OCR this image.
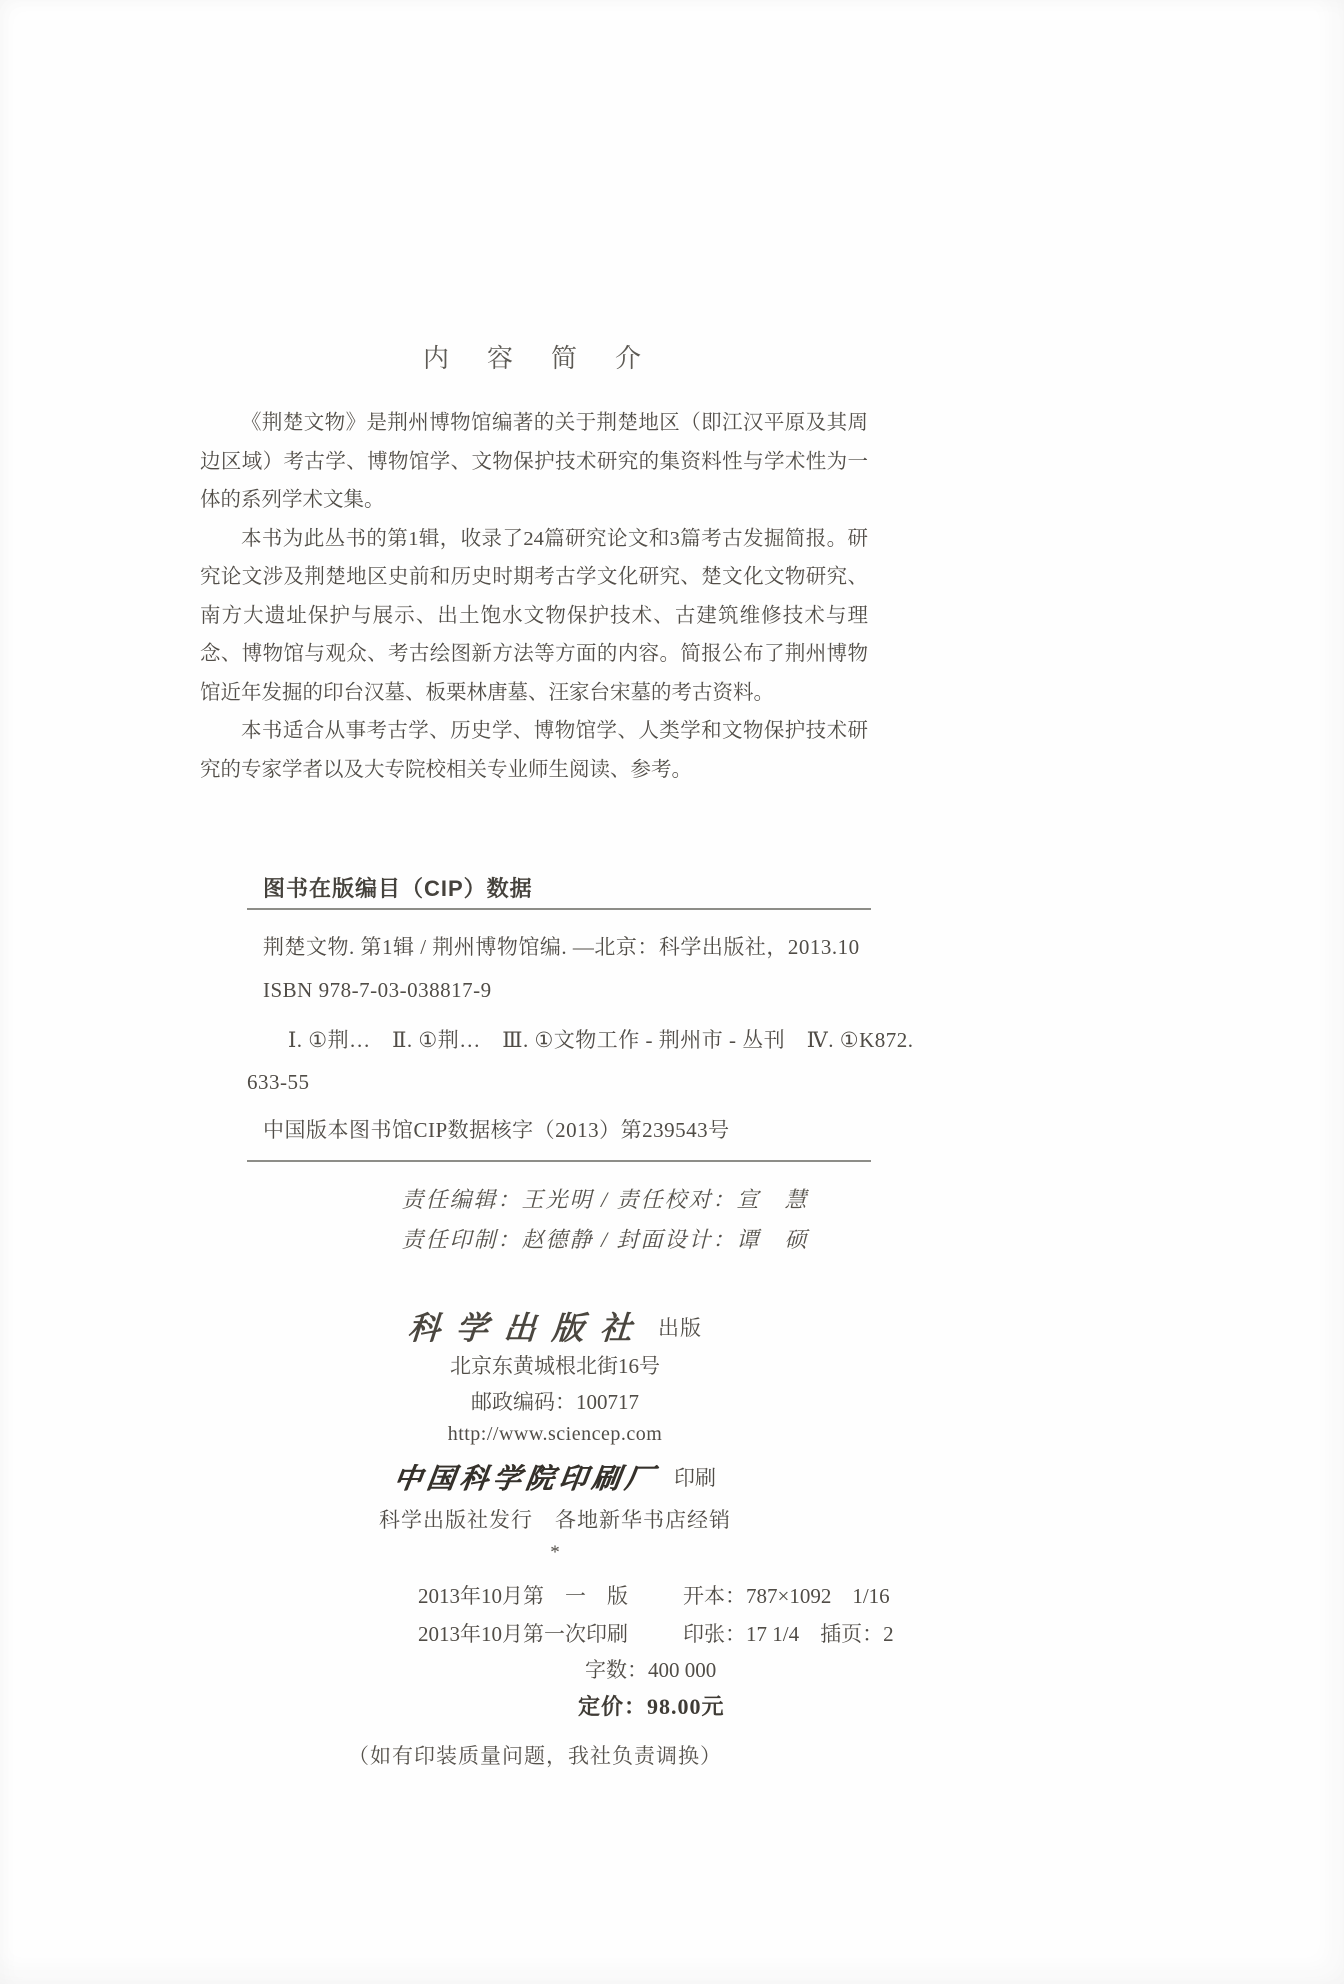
内　容　简　介

《荆楚文物》是荆州博物馆编著的关于荆楚地区（即江汉平原及其周边区域）考古学、博物馆学、文物保护技术研究的集资料性与学术性为一体的系列学术文集。

本书为此丛书的第1辑，收录了24篇研究论文和3篇考古发掘简报。研究论文涉及荆楚地区史前和历史时期考古学文化研究、楚文化文物研究、南方大遗址保护与展示、出土饱水文物保护技术、古建筑维修技术与理念、博物馆与观众、考古绘图新方法等方面的内容。简报公布了荆州博物馆近年发掘的印台汉墓、板栗林唐墓、汪家台宋墓的考古资料。

本书适合从事考古学、历史学、博物馆学、人类学和文物保护技术研究的专家学者以及大专院校相关专业师生阅读、参考。

图书在版编目（CIP）数据
荆楚文物. 第1辑 / 荆州博物馆编. —北京：科学出版社，2013.10
ISBN 978-7-03-038817-9
Ⅰ. ①荆…　Ⅱ. ①荆…　Ⅲ. ①文物工作 - 荆州市 - 丛刊　Ⅳ. ①K872.
633-55
中国版本图书馆CIP数据核字（2013）第239543号
责任编辑：王光明 / 责任校对：宣　慧
责任印制：赵德静 / 封面设计：谭　硕
科学出版社 出版
北京东黄城根北街16号
邮政编码：100717
http://www.sciencep.com
中国科学院印刷厂 印刷
科学出版社发行　各地新华书店经销
*
2013年10月第　一　版	开本：787×1092　1/16
2013年10月第一次印刷	印张：17 1/4　插页：2
字数：400 000
定价：98.00元
（如有印装质量问题，我社负责调换）
